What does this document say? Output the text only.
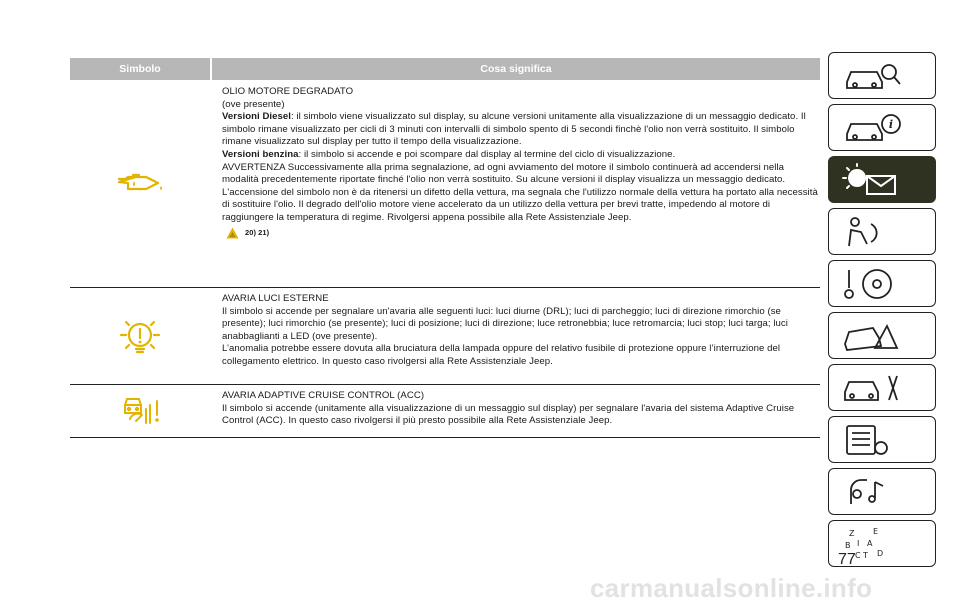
Simbolo	Cosa significa

OLIO MOTORE DEGRADATO

(ove presente)

Versioni Diesel: il simbolo viene visualizzato sul display, su alcune versioni unitamente alla visualizzazione di un messaggio dedicato. Il simbolo rimane visualizzato per cicli di 3 minuti con intervalli di simbolo spento di 5 secondi finchè l'olio non verrà sostituito. Il simbolo rimane visualizzato sul display per tutto il tempo della visualizzazione.

Versioni benzina: il simbolo si accende e poi scompare dal display al termine del ciclo di visualizzazione.

AVVERTENZA Successivamente alla prima segnalazione, ad ogni avviamento del motore il simbolo continuerà ad accendersi nella modalità precedentemente riportate finché l'olio non verrà sostituito. Su alcune versioni il display visualizza un messaggio dedicato.

L'accensione del simbolo non è da ritenersi un difetto della vettura, ma segnala che l'utilizzo normale della vettura ha portato alla necessità di sostituire l'olio. Il degrado dell'olio motore viene accelerato da un utilizzo della vettura per brevi tratte, impedendo al motore di raggiungere la temperatura di regime. Rivolgersi appena possibile alla Rete Assistenziale Jeep.

⚠ 20) 21)

AVARIA LUCI ESTERNE

Il simbolo si accende per segnalare un'avaria alle seguenti luci: luci diurne (DRL); luci di parcheggio; luci di direzione rimorchio (se presente); luci rimorchio (se presente); luci di posizione; luci di direzione; luce retronebbia; luce retromarcia; luci stop; luci targa; luci anabbaglianti a LED (ove presente).

L’anomalia potrebbe essere dovuta alla bruciatura della lampada oppure del relativo fusibile di protezione oppure l’interruzione del collegamento elettrico. In questo caso rivolgersi alla Rete Assistenziale Jeep.

AVARIA ADAPTIVE CRUISE CONTROL (ACC)

Il simbolo si accende (unitamente alla visualizzazione di un messaggio sul display) per segnalare l'avaria del sistema Adaptive Cruise Control (ACC). In questo caso rivolgersi il più presto possibile alla Rete Assistenziale Jeep.

i
Z E
B A
C D
I
T
77
carmanualsonline.info
